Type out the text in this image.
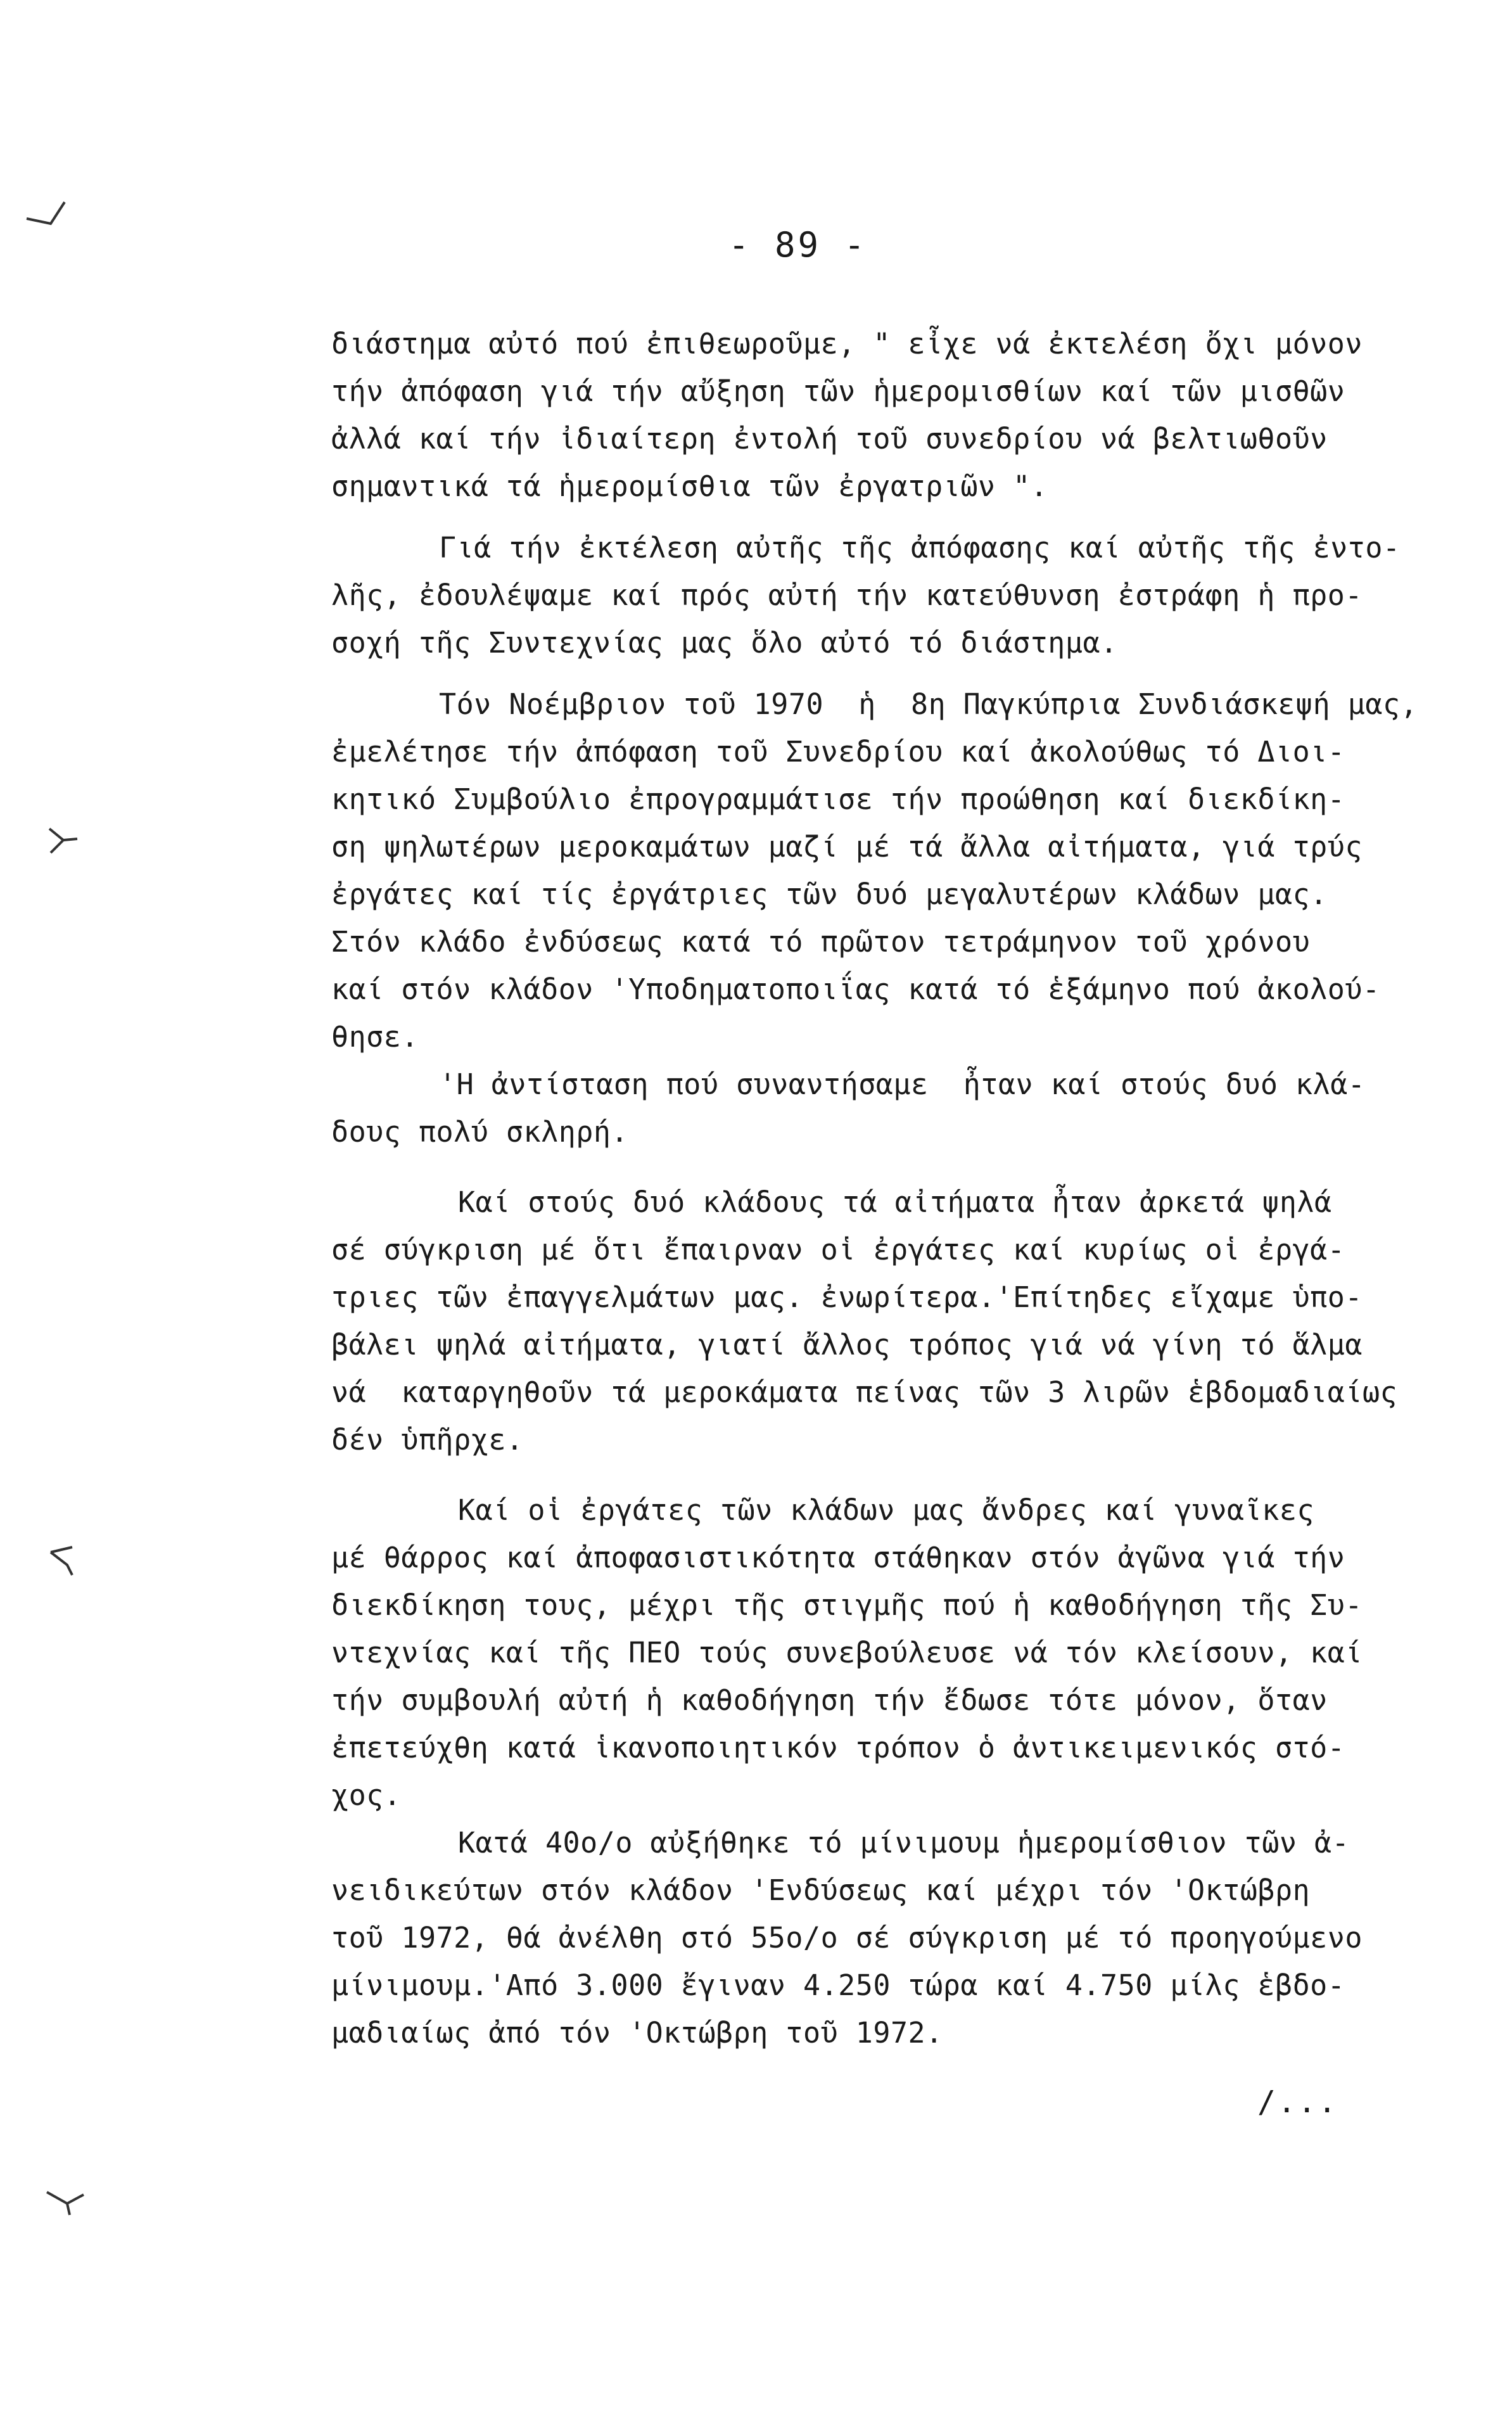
- 89 -
διάστημα αὐτό πού ἐπιθεωροῦμε, " εἶχε νά ἐκτελέση ὄχι μόνον
τήν ἀπόφαση γιά τήν αὔξηση τῶν ἡμερομισθίων καί τῶν μισθῶν
ἀλλά καί τήν ἰδιαίτερη ἐντολή τοῦ συνεδρίου νά βελτιωθοῦν
σημαντικά τά ἡμερομίσθια τῶν ἐργατριῶν ".
Γιά τήν ἐκτέλεση αὐτῆς τῆς ἀπόφασης καί αὐτῆς τῆς ἐντο-
λῆς, ἐδουλέψαμε καί πρός αὐτή τήν κατεύθυνση ἐστράφη ἡ προ-
σοχή τῆς Συντεχνίας μας ὅλο αὐτό τό διάστημα.
Τόν Νοέμβριον τοῦ 1970  ἡ  8η Παγκύπρια Συνδιάσκεψή μας,
ἐμελέτησε τήν ἀπόφαση τοῦ Συνεδρίου καί ἀκολούθως τό Διοι-
κητικό Συμβούλιο ἐπρογραμμάτισε τήν προώθηση καί διεκδίκη-
ση ψηλωτέρων μεροκαμάτων μαζί μέ τά ἄλλα αἰτήματα, γιά τρύς
ἐργάτες καί τίς ἐργάτριες τῶν δυό μεγαλυτέρων κλάδων μας.
Στόν κλάδο ἐνδύσεως κατά τό πρῶτον τετράμηνον τοῦ χρόνου
καί στόν κλάδον 'Υποδηματοποιΐας κατά τό ἑξάμηνο πού ἀκολού-
θησε.
'Η ἀντίσταση πού συναντήσαμε  ἦταν καί στούς δυό κλά-
δους πολύ σκληρή.
Καί στούς δυό κλάδους τά αἰτήματα ἦταν ἀρκετά ψηλά
σέ σύγκριση μέ ὅτι ἔπαιρναν οἱ ἐργάτες καί κυρίως οἱ ἐργά-
τριες τῶν ἐπαγγελμάτων μας. ἐνωρίτερα.'Επίτηδες εἴχαμε ὑπο-
βάλει ψηλά αἰτήματα, γιατί ἄλλος τρόπος γιά νά γίνη τό ἅλμα
νά  καταργηθοῦν τά μεροκάματα πείνας τῶν 3 λιρῶν ἑβδομαδιαίως
δέν ὑπῆρχε.
Καί οἱ ἐργάτες τῶν κλάδων μας ἄνδρες καί γυναῖκες
μέ θάρρος καί ἀποφασιστικότητα στάθηκαν στόν ἀγῶνα γιά τήν
διεκδίκηση τους, μέχρι τῆς στιγμῆς πού ἡ καθοδήγηση τῆς Συ-
ντεχνίας καί τῆς ΠΕΟ τούς συνεβούλευσε νά τόν κλείσουν, καί
τήν συμβουλή αὐτή ἡ καθοδήγηση τήν ἔδωσε τότε μόνον, ὅταν
ἐπετεύχθη κατά ἱκανοποιητικόν τρόπον ὁ ἀντικειμενικός στό-
χος.
Κατά 40ο/ο αὐξήθηκε τό μίνιμουμ ἡμερομίσθιον τῶν ἀ-
νειδικεύτων στόν κλάδον 'Ενδύσεως καί μέχρι τόν 'Οκτώβρη
τοῦ 1972, θά ἀνέλθη στό 55ο/ο σέ σύγκριση μέ τό προηγούμενο
μίνιμουμ.'Από 3.000 ἔγιναν 4.250 τώρα καί 4.750 μίλς ἑβδο-
μαδιαίως ἀπό τόν 'Οκτώβρη τοῦ 1972.
/...
